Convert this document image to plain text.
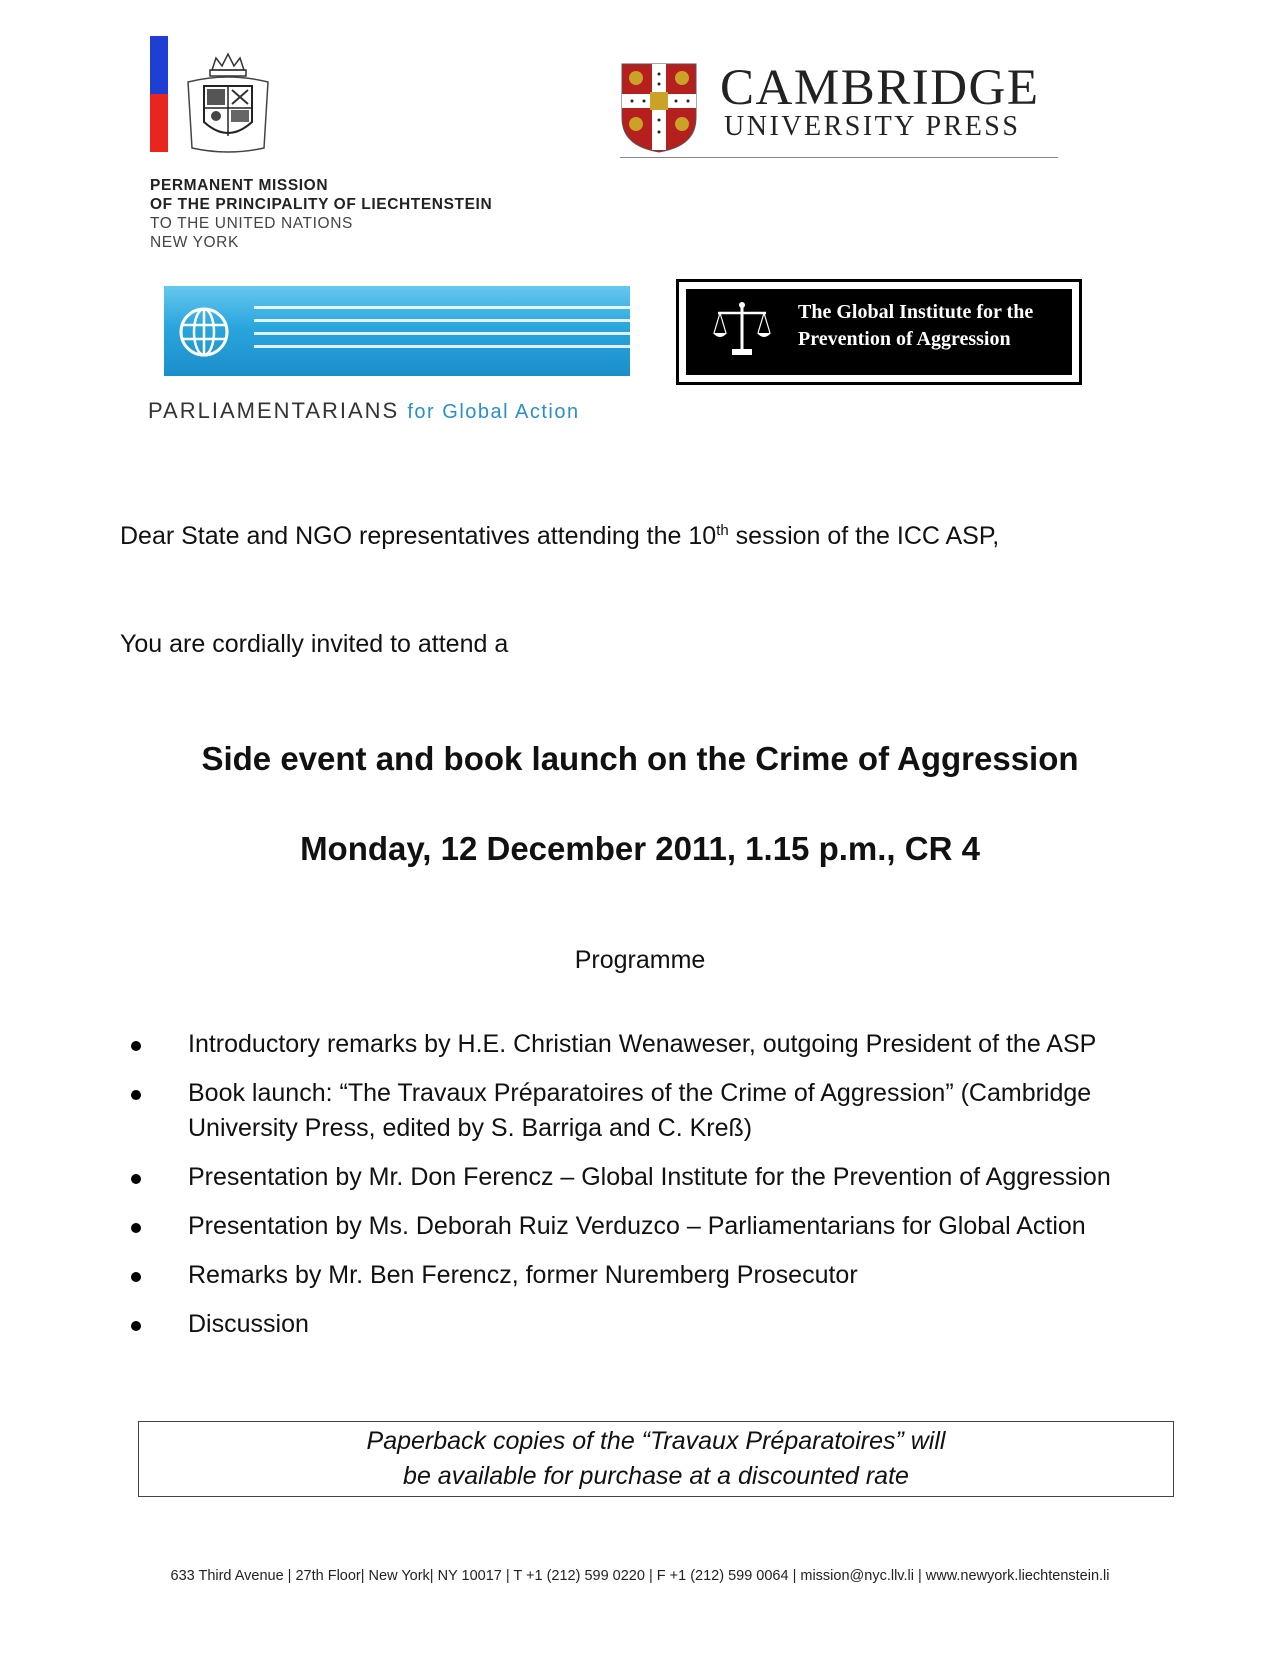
PERMANENT MISSION
OF THE PRINCIPALITY OF LIECHTENSTEIN
TO THE UNITED NATIONS
NEW YORK
CAMBRIDGE
UNIVERSITY PRESS
PARLIAMENTARIANS for Global Action
The Global Institute for the
Prevention of Aggression
Dear State and NGO representatives attending the 10th session of the ICC ASP,
You are cordially invited to attend a
Side event and book launch on the Crime of Aggression
Monday, 12 December 2011, 1.15 p.m., CR 4
Programme
Introductory remarks by H.E. Christian Wenaweser, outgoing President of the ASP
Book launch: “The Travaux Préparatoires of the Crime of Aggression” (Cambridge University Press, edited by S. Barriga and C. Kreß)
Presentation by Mr. Don Ferencz – Global Institute for the Prevention of Aggression
Presentation by Ms. Deborah Ruiz Verduzco – Parliamentarians for Global Action
Remarks by Mr. Ben Ferencz, former Nuremberg Prosecutor
Discussion
Paperback copies of the “Travaux Préparatoires” will
be available for purchase at a discounted rate
633 Third Avenue | 27th Floor| New York| NY 10017 | T +1 (212) 599 0220 | F +1 (212) 599 0064 | mission@nyc.llv.li | www.newyork.liechtenstein.li
